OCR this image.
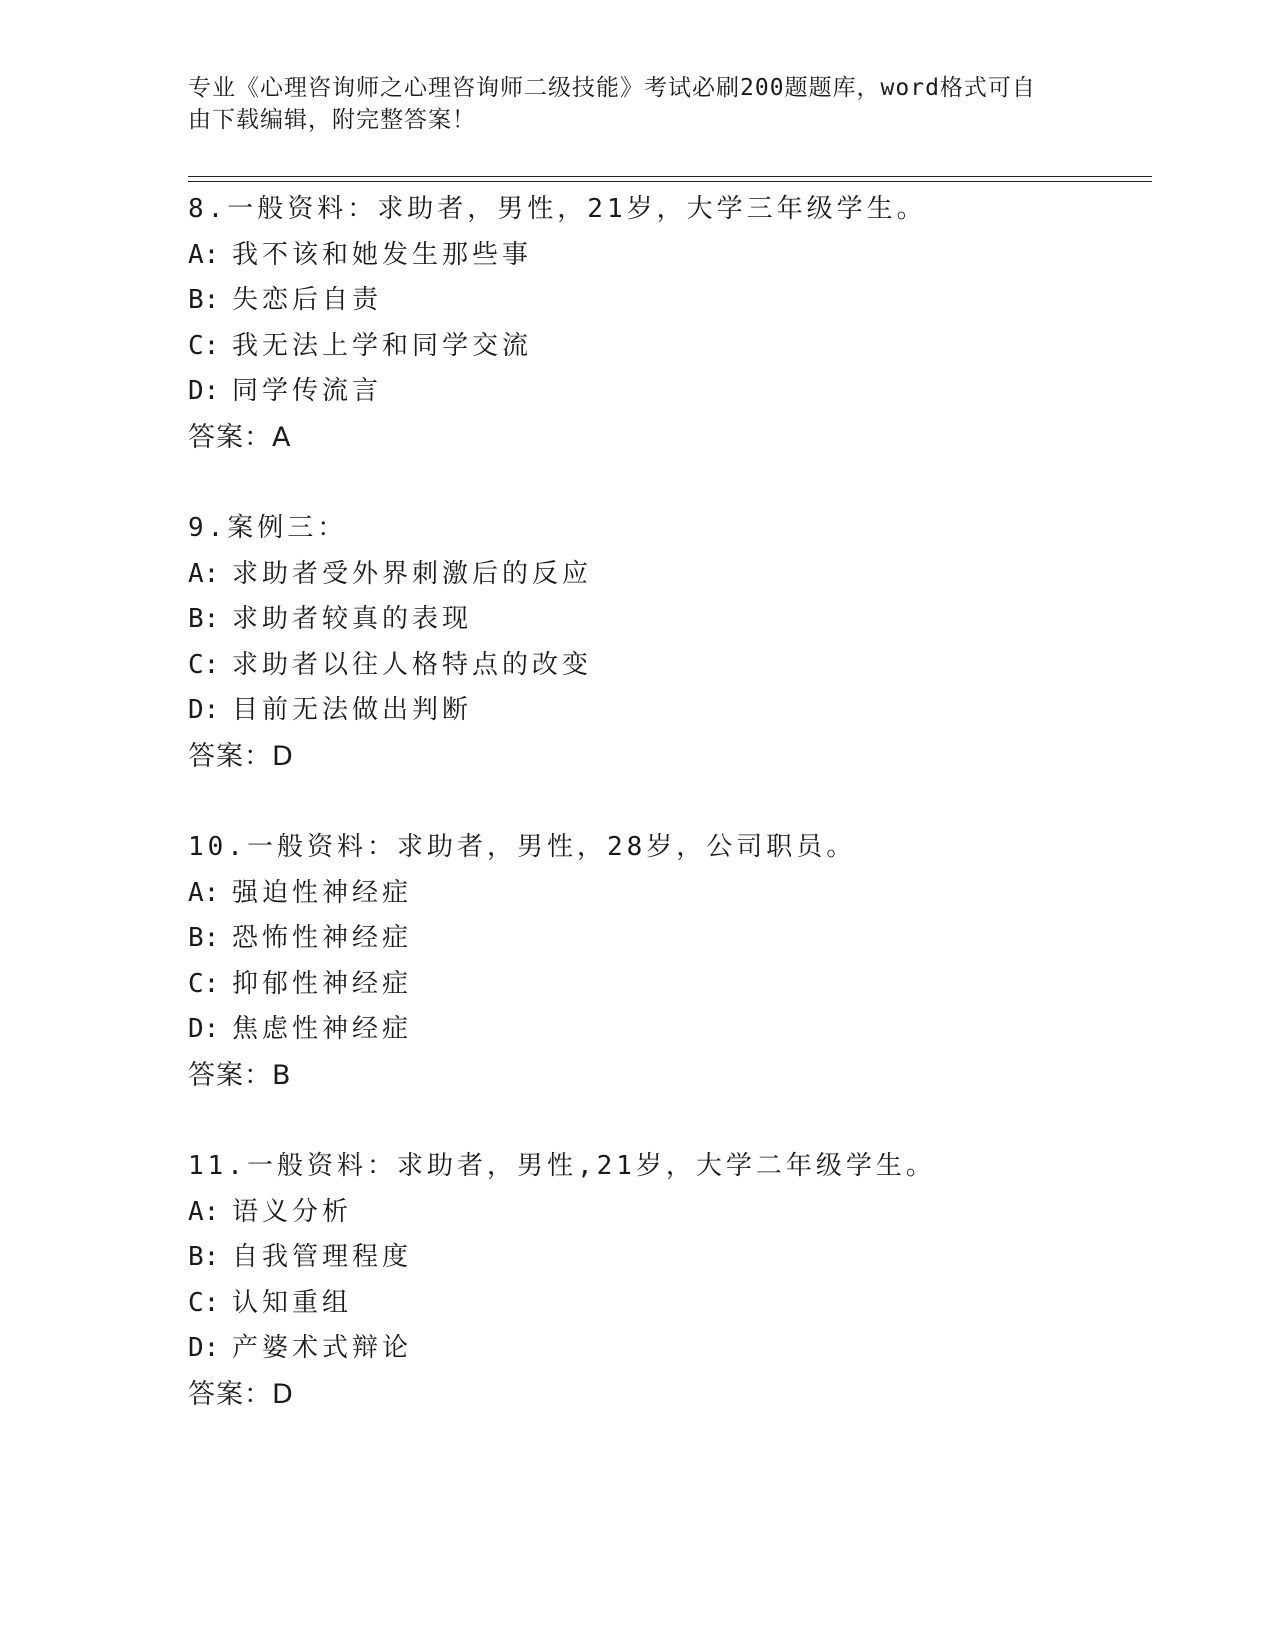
专业《心理咨询师之心理咨询师二级技能》考试必刷200题题库，word格式可自
由下载编辑，附完整答案！
8.一般资料：求助者，男性，21岁，大学三年级学生。
A: 我不该和她发生那些事
B: 失恋后自责
C: 我无法上学和同学交流
D: 同学传流言
答案：A
9.案例三：
A: 求助者受外界刺激后的反应
B: 求助者较真的表现
C: 求助者以往人格特点的改变
D: 目前无法做出判断
答案：D
10.一般资料：求助者，男性，28岁，公司职员。
A: 强迫性神经症
B: 恐怖性神经症
C: 抑郁性神经症
D: 焦虑性神经症
答案：B
11.一般资料：求助者，男性,21岁，大学二年级学生。
A: 语义分析
B: 自我管理程度
C: 认知重组
D: 产婆术式辩论
答案：D
